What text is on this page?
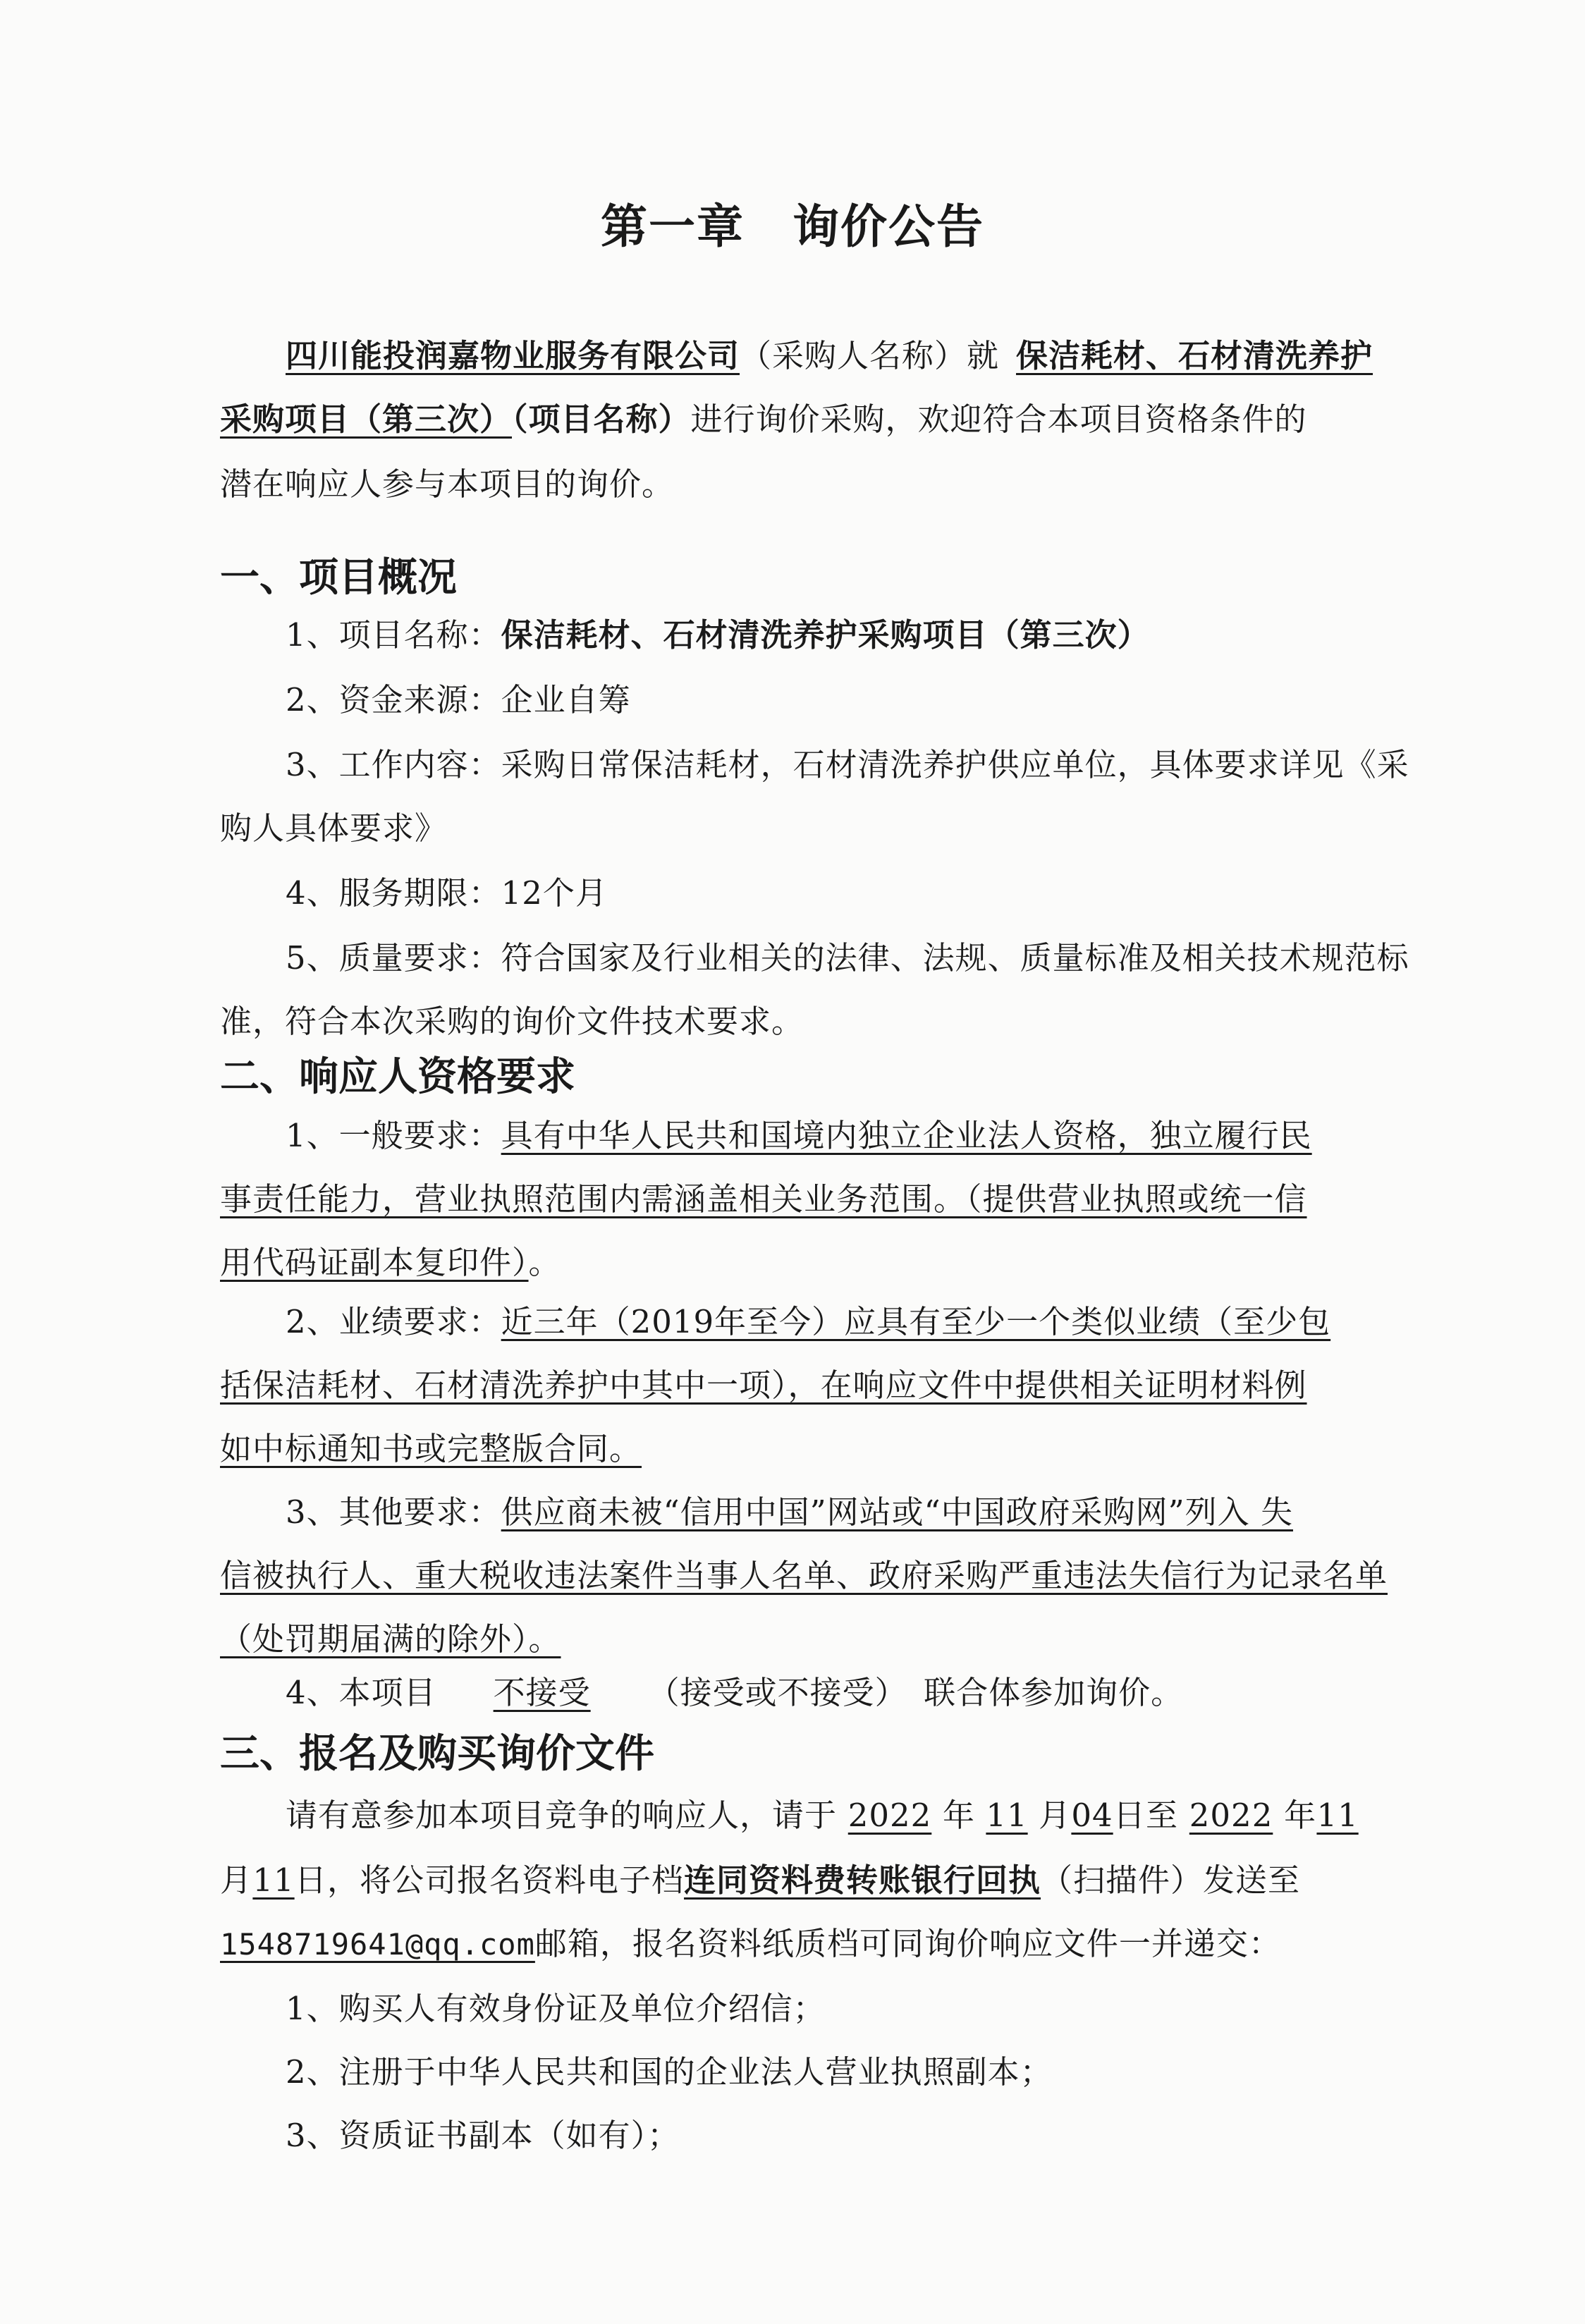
第一章　询价公告
四川能投润嘉物业服务有限公司（采购人名称）就 保洁耗材、石材清洗养护
采购项目（第三次）（项目名称）进行询价采购，欢迎符合本项目资格条件的
潜在响应人参与本项目的询价。
一、项目概况
1、项目名称：保洁耗材、石材清洗养护采购项目（第三次）
2、资金来源：企业自筹
3、工作内容：采购日常保洁耗材，石材清洗养护供应单位，具体要求详见《采
购人具体要求》
4、服务期限：12个月
5、质量要求：符合国家及行业相关的法律、法规、质量标准及相关技术规范标
准，符合本次采购的询价文件技术要求。
二、响应人资格要求
1、一般要求：具有中华人民共和国境内独立企业法人资格，独立履行民
事责任能力，营业执照范围内需涵盖相关业务范围。（提供营业执照或统一信
用代码证副本复印件）。
2、业绩要求：近三年（2019年至今）应具有至少一个类似业绩（至少包
括保洁耗材、石材清洗养护中其中一项），在响应文件中提供相关证明材料例
如中标通知书或完整版合同。
3、其他要求：供应商未被“信用中国”网站或“中国政府采购网”列入 失
信被执行人、重大税收违法案件当事人名单、政府采购严重违法失信行为记录名单
（处罚期届满的除外）。
4、本项目 不接受 （接受或不接受）　联合体参加询价。
三、报名及购买询价文件
请有意参加本项目竞争的响应人，请于 2022 年 11 月04日至 2022 年11
月11日，将公司报名资料电子档连同资料费转账银行回执（扫描件）发送至
1548719641@qq.com邮箱，报名资料纸质档可同询价响应文件一并递交：
1、购买人有效身份证及单位介绍信；
2、注册于中华人民共和国的企业法人营业执照副本；
3、资质证书副本（如有）；
